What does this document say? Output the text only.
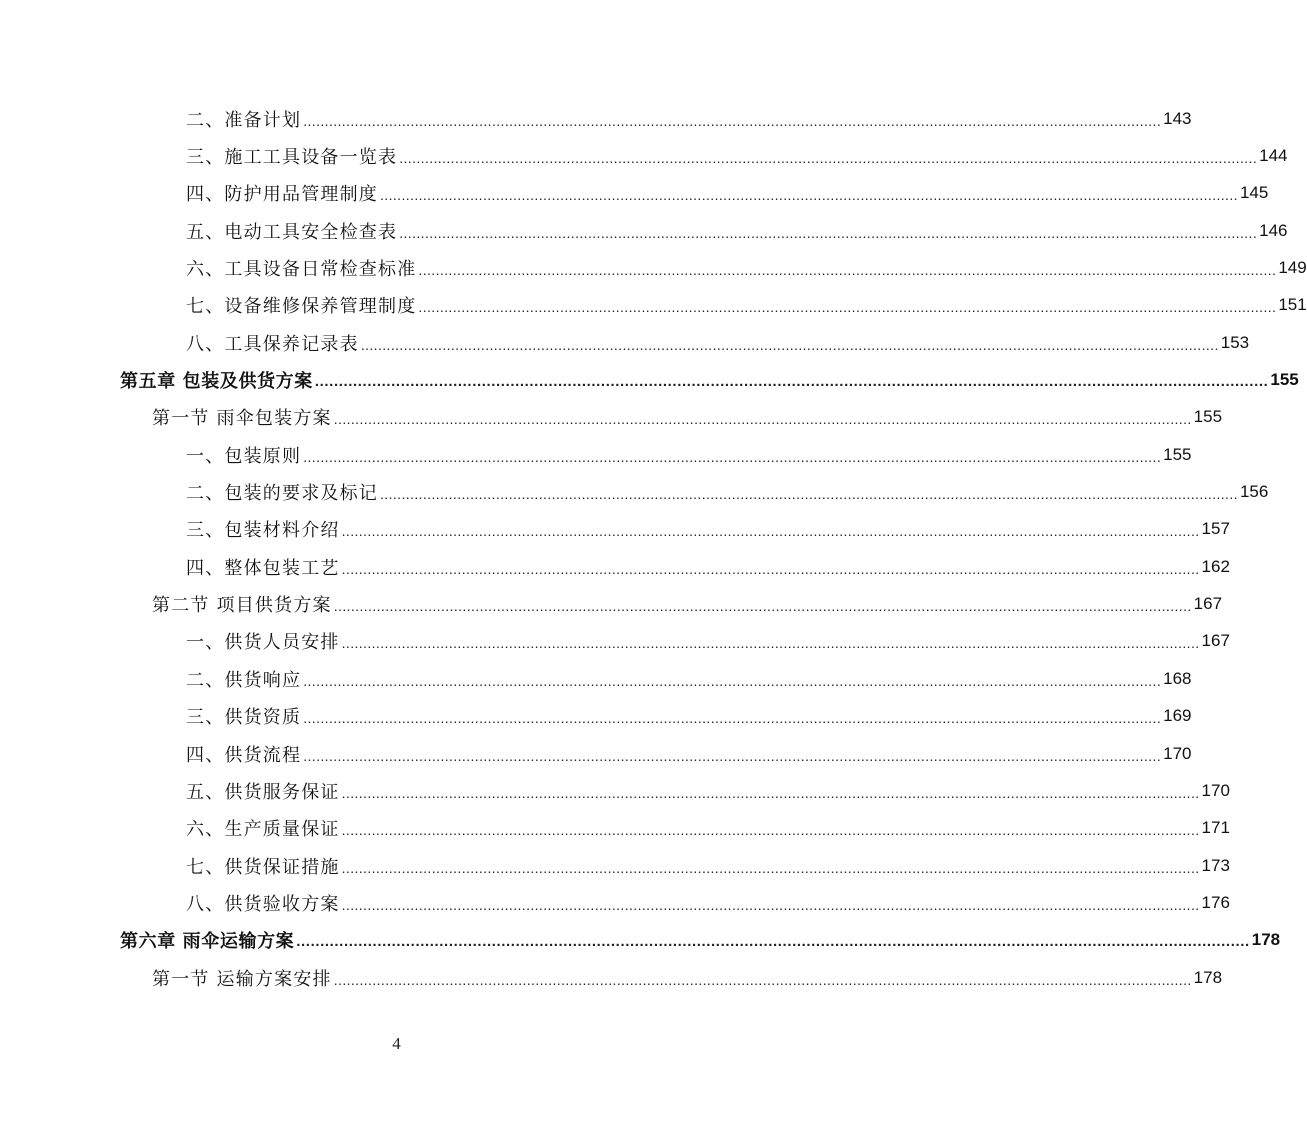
二、准备计划 ........................................................................................................................................................................................................ 143
三、施工工具设备一览表 ........................................................................................................................................................................................................ 144
四、防护用品管理制度 ........................................................................................................................................................................................................ 145
五、电动工具安全检查表 ........................................................................................................................................................................................................ 146
六、工具设备日常检查标准 ........................................................................................................................................................................................................ 149
七、设备维修保养管理制度 ........................................................................................................................................................................................................ 151
八、工具保养记录表 ........................................................................................................................................................................................................ 153
第五章 包装及供货方案 ........................................................................................................................................................................................................ 155
第一节 雨伞包装方案 ........................................................................................................................................................................................................ 155
一、包装原则 ........................................................................................................................................................................................................ 155
二、包装的要求及标记 ........................................................................................................................................................................................................ 156
三、包装材料介绍 ........................................................................................................................................................................................................ 157
四、整体包装工艺 ........................................................................................................................................................................................................ 162
第二节 项目供货方案 ........................................................................................................................................................................................................ 167
一、供货人员安排 ........................................................................................................................................................................................................ 167
二、供货响应 ........................................................................................................................................................................................................ 168
三、供货资质 ........................................................................................................................................................................................................ 169
四、供货流程 ........................................................................................................................................................................................................ 170
五、供货服务保证 ........................................................................................................................................................................................................ 170
六、生产质量保证 ........................................................................................................................................................................................................ 171
七、供货保证措施 ........................................................................................................................................................................................................ 173
八、供货验收方案 ........................................................................................................................................................................................................ 176
第六章 雨伞运输方案 ........................................................................................................................................................................................................ 178
第一节 运输方案安排 ........................................................................................................................................................................................................ 178
4
